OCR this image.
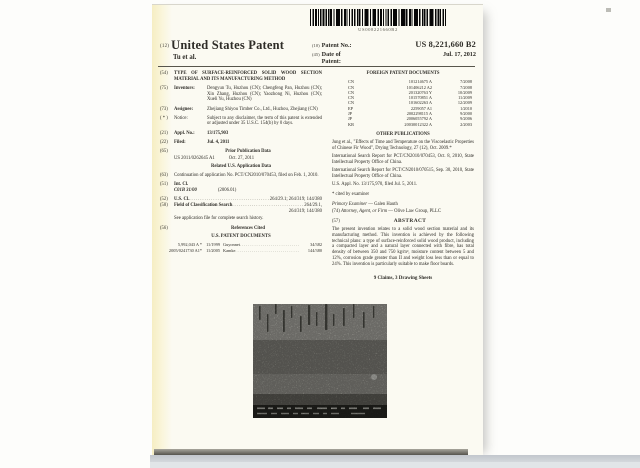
US008221660B2
(12) United States Patent
Tu et al.
(10) Patent No.:	US 8,221,660 B2
(45) Date of Patent:
Jul. 17, 2012
(54)	TYPE OF SURFACE-REINFORCED SOLID WOOD SECTION MATERIAL AND ITS MANUFACTURING METHOD
(75)	Inventors:	Dengyun Tu, Huzhou (CN); Chengfeng Pan, Huzhou (CN); Xin Zhang, Huzhou (CN); Yaozhong Ni, Huzhou (CN); Xueli Yu, Huzhou (CN)
(73)	Assignee:	Zhejiang Shiyou Timber Co., Ltd., Huzhou, Zhejiang (CN)
( * )	Notice:	Subject to any disclaimer, the term of this patent is extended or adjusted under 35 U.S.C. 154(b) by 0 days.
(21)	Appl. No.:	13/175,903
(22)	Filed:	Jul. 4, 2011
(65)	Prior Publication Data
US 2011/0262645 A1	Oct. 27, 2011
Related U.S. Application Data
(63)	Continuation of application No. PCT/CN2010/070453, filed on Feb. 1, 2010.
(51)	Int. Cl.
C01B 31/00	(2006.01)
(52)	U.S. Cl. .....	264/29.1; 264/319; 144/380
(58)	Field of Classification Search .....	264/29.1,
264/319; 144/380
See application file for complete search history.
(56)	References Cited
U.S. PATENT DOCUMENTS
5,992,043 A * 11/1999 Guyonnet .....	34/382
2005/0241730 A1* 11/2005 Kamke .....	144/380
FOREIGN PATENT DOCUMENTS
CN	101214675 A	7/2008
CN	101406212 A2	7/2008
CN	201320763 Y	10/2009
CN	101570851 A	11/2009
CN	101602263 A	12/2009
EP	2259057 A1	1/2010
JP	2002298115 A	9/2000
JP	2006055792 A	9/2006
KR	20030012322 A	2/2003
OTHER PUBLICATIONS

Jung et al., "Effects of Time and Temperature on the Viscoelastic Properties of Chinese Fir Wood", Drying Technology, 27 (12), Oct. 2009.*

International Search Report for PCT/CN2010/070453, Oct. 8, 2010, State Intellectual Property Office of China.

International Search Report for PCT/CN2010/070515, Sep. 30, 2010, State Intellectual Property Office of China.

U.S. Appl. No. 13/175,970, filed Jul. 5, 2011.

* cited by examiner
Primary Examiner — Galen Hauth
(74) Attorney, Agent, or Firm — Olive Law Group, PLLC
(57)	ABSTRACT

The present invention relates to a solid wood section material and its manufacturing method. This invention is achieved by the following technical plans: a type of surface-reinforced solid wood product, including a compacted layer and a natural layer connected with fibre, has total density of between 350 and 750 kg/m³, moisture content between 5 and 12%, corrosion grade greater than II and weight loss less than or equal to 24%. This invention is particularly suitable to make floor boards.

9 Claims, 3 Drawing Sheets
